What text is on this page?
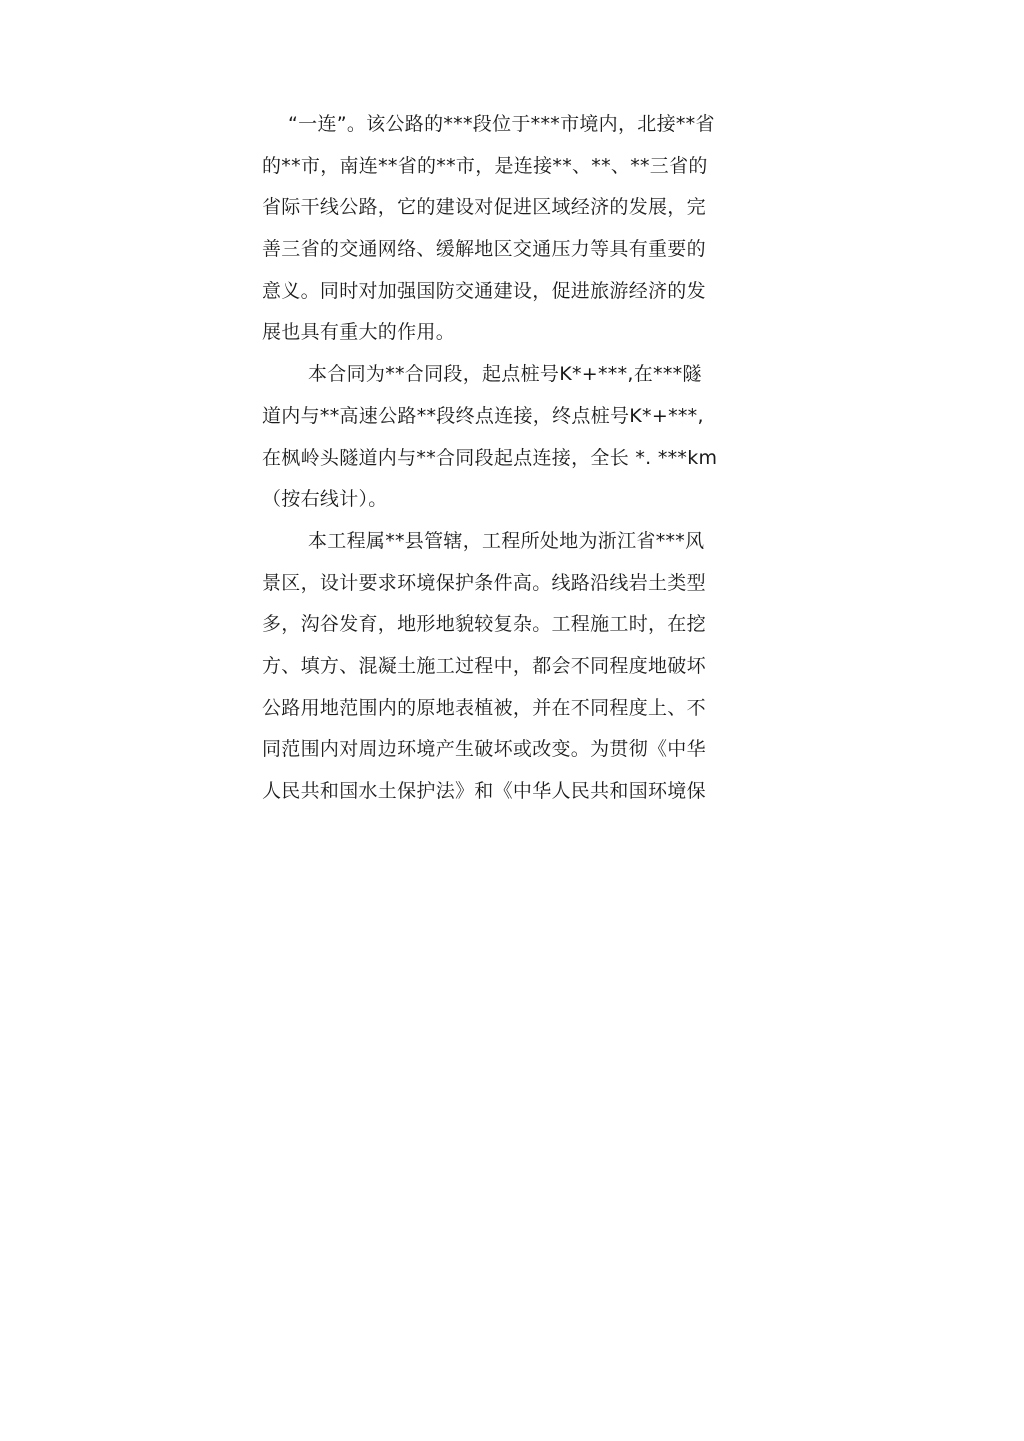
“一连”。该公路的***段位于***市境内，北接**省
的**市，南连**省的**市，是连接**、**、**三省的
省际干线公路，它的建设对促进区域经济的发展，完
善三省的交通网络、缓解地区交通压力等具有重要的
意义。同时对加强国防交通建设，促进旅游经济的发
展也具有重大的作用。
本合同为**合同段，起点桩号K*+***,在***隧
道内与**高速公路**段终点连接，终点桩号K*+***,
在枫岭头隧道内与**合同段起点连接，全长 *. ***km
（按右线计）。
本工程属**县管辖，工程所处地为浙江省***风
景区，设计要求环境保护条件高。线路沿线岩土类型
多，沟谷发育，地形地貌较复杂。工程施工时，在挖
方、填方、混凝土施工过程中，都会不同程度地破坏
公路用地范围内的原地表植被，并在不同程度上、不
同范围内对周边环境产生破坏或改变。为贯彻《中华
人民共和国水土保护法》和《中华人民共和国环境保
